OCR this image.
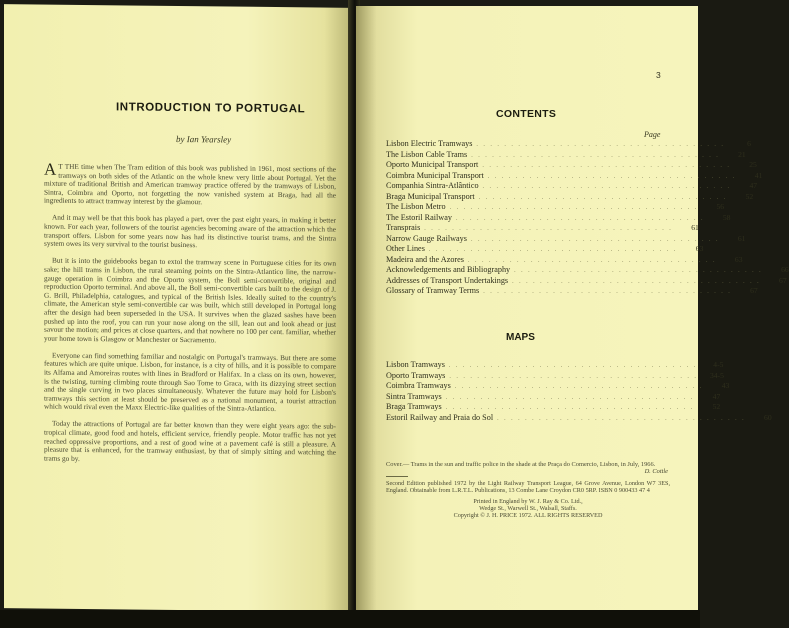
INTRODUCTION TO PORTUGAL
by Ian Yearsley

A T THE time when The Tram edition of this book was published in 1961, most sections of the tramways on both sides of the Atlantic on the whole knew very little about Portugal. Yet the mixture of traditional British and American tramway practice offered by the tramways of Lisbon, Sintra, Coimbra and Oporto, not forgetting the now vanished system at Braga, had all the ingredients to attract tramway interest by the glamour.

And it may well be that this book has played a part, over the past eight years, in making it better known. For each year, followers of the tourist agencies becoming aware of the attraction which the transport offers. Lisbon for some years now has had its distinctive tourist trams, and the Sintra system owes its very survival to the tourist business.

But it is into the guidebooks began to extol the tramway scene in Portuguese cities for its own sake; the hill trams in Lisbon, the rural steaming points on the Sintra-Atlantico line, the narrow-gauge operation in Coimbra and the Oporto system, the Boll semi-convertible, original and reproduction Oporto terminal. And above all, the Boll semi-convertible cars built to the design of J. G. Brill, Philadelphia, catalogues, and typical of the British Isles. Ideally suited to the country's climate, the American style semi-convertible car was built, which still developed in Portugal long after the design had been superseded in the USA. It survives when the glazed sashes have been pushed up into the roof, you can run your nose along on the sill, lean out and look ahead or just savour the motion; and prices at close quarters, and that nowhere no 100 per cent. familiar, whether your home town is Glasgow or Manchester or Sacramento.

Everyone can find something familiar and nostalgic on Portugal's tramways. But there are some features which are quite unique. Lisbon, for instance, is a city of hills, and it is possible to compare its Alfama and Amoreiras routes with lines in Bradford or Halifax. In a class on its own, however, is the twisting, turning climbing route through Sao Tome to Graca, with its dizzying street section and the single curving in two places simultaneously. Whatever the future may hold for Lisbon's tramways this section at least should be preserved as a national monument, a tourist attraction which would rival even the Maxx Electric-like qualities of the Sintra-Atlantico.

Today the attractions of Portugal are far better known than they were eight years ago: the sub-tropical climate, good food and hotels, efficient service, friendly people. Motor traffic has not yet reached oppressive proportions, and a rest of good wine at a pavement café is still a pleasure. A pleasure that is enhanced, for the tramway enthusiast, by that of simply sitting and watching the trams go by.

3
CONTENTS
Page
Lisbon Electric Tramways . . . . . . . . . . . . . . . . . . . . . . . . . . . . . . . . . . . .	6
The Lisbon Cable Trams . . . . . . . . . . . . . . . . . . . . . . . . . . . . . . . . . . . .	21
Oporto Municipal Transport . . . . . . . . . . . . . . . . . . . . . . . . . . . . . . . . . . . .	25
Coimbra Municipal Transport . . . . . . . . . . . . . . . . . . . . . . . . . . . . . . . . . . . .	41
Companhia Sintra-Atlântico . . . . . . . . . . . . . . . . . . . . . . . . . . . . . . . . . . . .	47
Braga Municipal Transport . . . . . . . . . . . . . . . . . . . . . . . . . . . . . . . . . . . .	52
The Lisbon Metro . . . . . . . . . . . . . . . . . . . . . . . . . . . . . . . . . . . .	56
The Estoril Railway . . . . . . . . . . . . . . . . . . . . . . . . . . . . . . . . . . . .	58
Transprais . . . . . . . . . . . . . . . . . . . . . . . . . . . . . . . . . . . .	61
Narrow Gauge Railways . . . . . . . . . . . . . . . . . . . . . . . . . . . . . . . . . . . .	61
Other Lines . . . . . . . . . . . . . . . . . . . . . . . . . . . . . . . . . . . .	63
Madeira and the Azores . . . . . . . . . . . . . . . . . . . . . . . . . . . . . . . . . . . .	63
Acknowledgements and Bibliography . . . . . . . . . . . . . . . . . . . . . . . . . . . . . . . . . . . .	66
Addresses of Transport Undertakings . . . . . . . . . . . . . . . . . . . . . . . . . . . . . . . . . . . .	67
Glossary of Tramway Terms . . . . . . . . . . . . . . . . . . . . . . . . . . . . . . . . . . . .	67
MAPS
Lisbon Tramways . . . . . . . . . . . . . . . . . . . . . . . . . . . . . . . . . . . .	4-5
Oporto Tramways . . . . . . . . . . . . . . . . . . . . . . . . . . . . . . . . . . . .	34-5
Coimbra Tramways . . . . . . . . . . . . . . . . . . . . . . . . . . . . . . . . . . . .	43
Sintra Tramways . . . . . . . . . . . . . . . . . . . . . . . . . . . . . . . . . . . .	47
Braga Tramways . . . . . . . . . . . . . . . . . . . . . . . . . . . . . . . . . . . .	52
Estoril Railway and Praia do Sol . . . . . . . . . . . . . . . . . . . . . . . . . . . . . . . . . . . .	60
Cover.— Trams in the sun and traffic police in the shade at the Praça do Comercio, Lisbon, in July, 1966.
D. Cottle
Second Edition published 1972 by the Light Railway Transport League, 64 Grove Avenue, London W7 3ES, England. Obtainable from L.R.T.L. Publications, 13 Combe Lane Croydon CR0 5RP. ISBN 0 900433 47 4
Printed in England by W. J. Ray & Co. Ltd.,
Wedge St., Warwell St., Walsall, Staffs.
Copyright © J. H. PRICE 1972. ALL RIGHTS RESERVED
